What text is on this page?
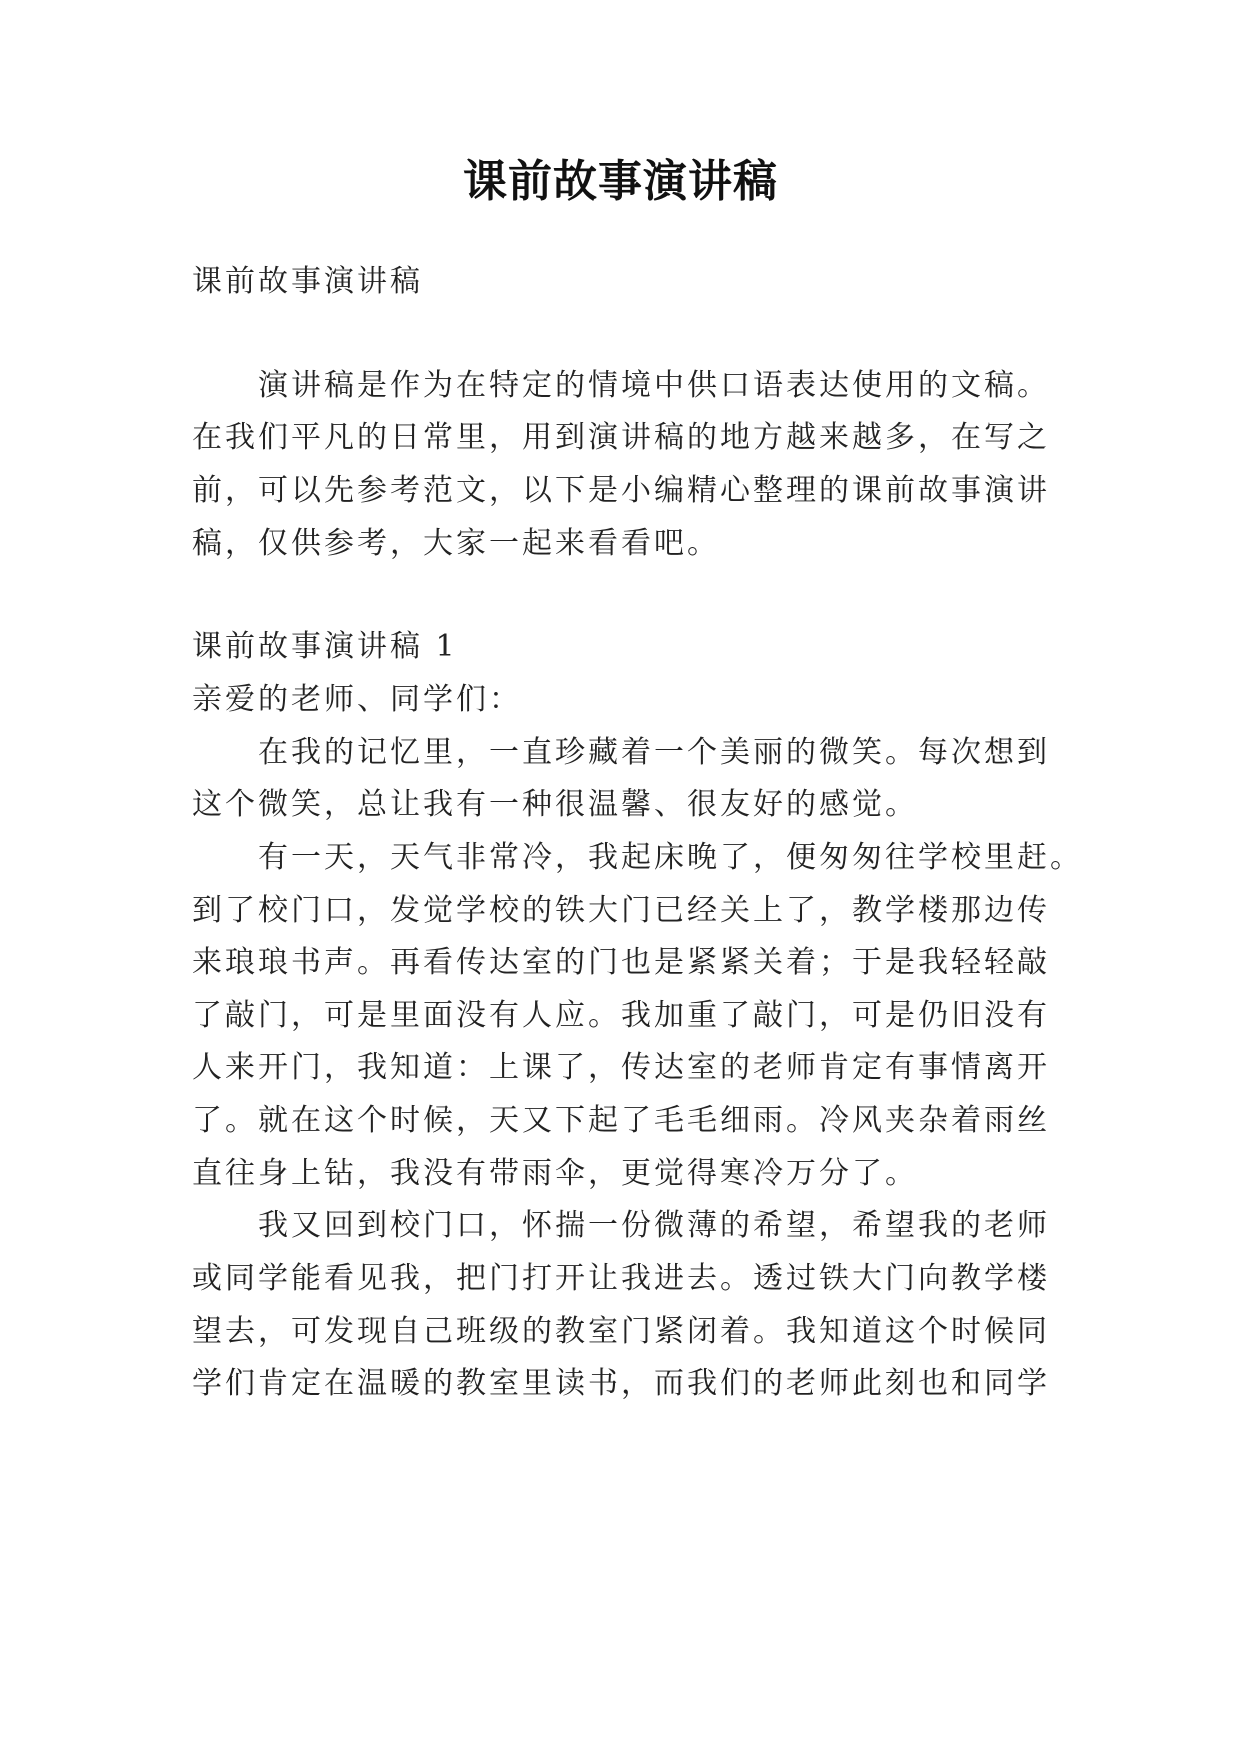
课前故事演讲稿
课前故事演讲稿
演讲稿是作为在特定的情境中供口语表达使用的文稿。
在我们平凡的日常里，用到演讲稿的地方越来越多，在写之
前，可以先参考范文，以下是小编精心整理的课前故事演讲
稿，仅供参考，大家一起来看看吧。
课前故事演讲稿 1
亲爱的老师、同学们：
在我的记忆里，一直珍藏着一个美丽的微笑。每次想到
这个微笑，总让我有一种很温馨、很友好的感觉。
有一天，天气非常冷，我起床晚了，便匆匆往学校里赶。
到了校门口，发觉学校的铁大门已经关上了，教学楼那边传
来琅琅书声。再看传达室的门也是紧紧关着；于是我轻轻敲
了敲门，可是里面没有人应。我加重了敲门，可是仍旧没有
人来开门，我知道：上课了，传达室的老师肯定有事情离开
了。就在这个时候，天又下起了毛毛细雨。冷风夹杂着雨丝
直往身上钻，我没有带雨伞，更觉得寒冷万分了。
我又回到校门口，怀揣一份微薄的希望，希望我的老师
或同学能看见我，把门打开让我进去。透过铁大门向教学楼
望去，可发现自己班级的教室门紧闭着。我知道这个时候同
学们肯定在温暖的教室里读书，而我们的老师此刻也和同学
